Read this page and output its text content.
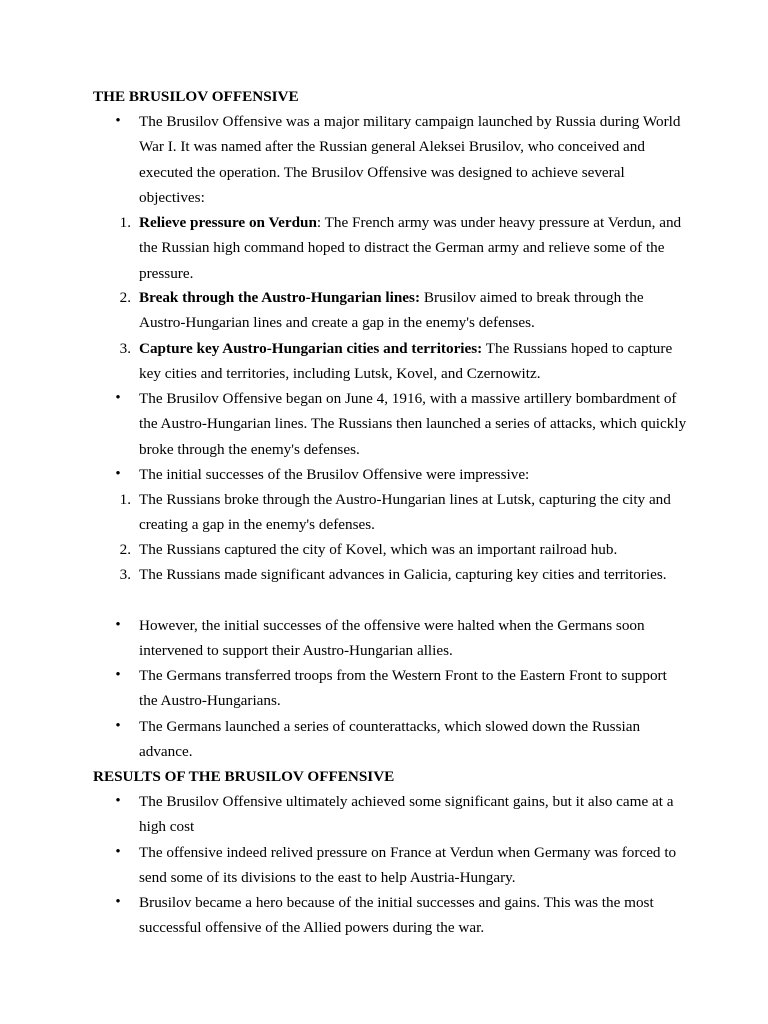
THE BRUSILOV OFFENSIVE
• The Brusilov Offensive was a major military campaign launched by Russia during World War I. It was named after the Russian general Aleksei Brusilov, who conceived and executed the operation. The Brusilov Offensive was designed to achieve several objectives:
1. Relieve pressure on Verdun: The French army was under heavy pressure at Verdun, and the Russian high command hoped to distract the German army and relieve some of the pressure.
2. Break through the Austro-Hungarian lines: Brusilov aimed to break through the Austro-Hungarian lines and create a gap in the enemy's defenses.
3. Capture key Austro-Hungarian cities and territories: The Russians hoped to capture key cities and territories, including Lutsk, Kovel, and Czernowitz.
• The Brusilov Offensive began on June 4, 1916, with a massive artillery bombardment of the Austro-Hungarian lines. The Russians then launched a series of attacks, which quickly broke through the enemy's defenses.
• The initial successes of the Brusilov Offensive were impressive:
1. The Russians broke through the Austro-Hungarian lines at Lutsk, capturing the city and creating a gap in the enemy's defenses.
2. The Russians captured the city of Kovel, which was an important railroad hub.
3. The Russians made significant advances in Galicia, capturing key cities and territories.
• However, the initial successes of the offensive were halted when the Germans soon intervened to support their Austro-Hungarian allies.
• The Germans transferred troops from the Western Front to the Eastern Front to support the Austro-Hungarians.
• The Germans launched a series of counterattacks, which slowed down the Russian advance.
RESULTS OF THE BRUSILOV OFFENSIVE
• The Brusilov Offensive ultimately achieved some significant gains, but it also came at a high cost
• The offensive indeed relived pressure on France at Verdun when Germany was forced to send some of its divisions to the east to help Austria-Hungary.
• Brusilov became a hero because of the initial successes and gains. This was the most successful offensive of the Allied powers during the war.
